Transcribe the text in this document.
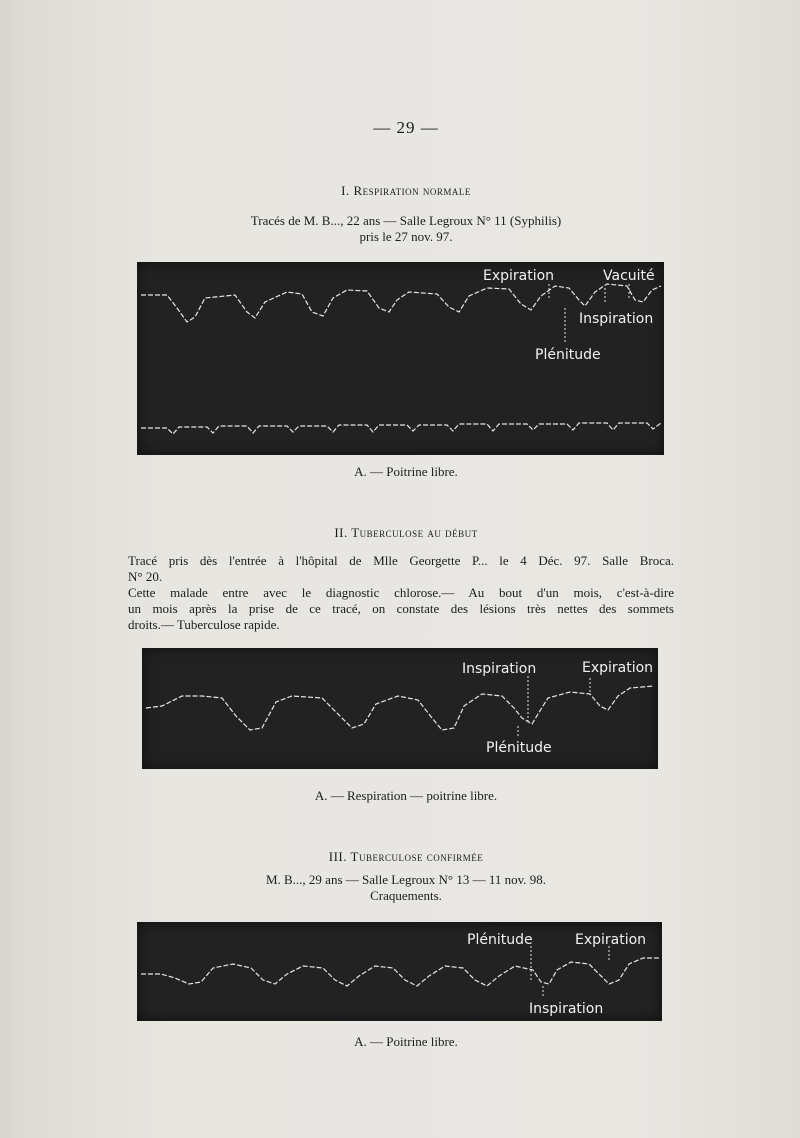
— 29 —
I. Respiration normale
Tracés de M. B..., 22 ans — Salle Legroux N° 11 (Syphilis)
pris le 27 nov. 97.
Expiration	Vacuité
Inspiration
Plénitude
A. — Poitrine libre.
II. Tuberculose au début
Tracé pris dès l'entrée à l'hôpital de Mlle Georgette P... le 4 Déc. 97. Salle Broca.
N° 20.
Cette malade entre avec le diagnostic chlorose.— Au bout d'un mois, c'est-à-dire
un mois après la prise de ce tracé, on constate des lésions très nettes des sommets
droits.— Tuberculose rapide.
Inspiration	Expiration
Plénitude
A. — Respiration — poitrine libre.
III. Tuberculose confirmée
M. B..., 29 ans — Salle Legroux N° 13 — 11 nov. 98.
Craquements.
Plénitude	Expiration
Inspiration
A. — Poitrine libre.
